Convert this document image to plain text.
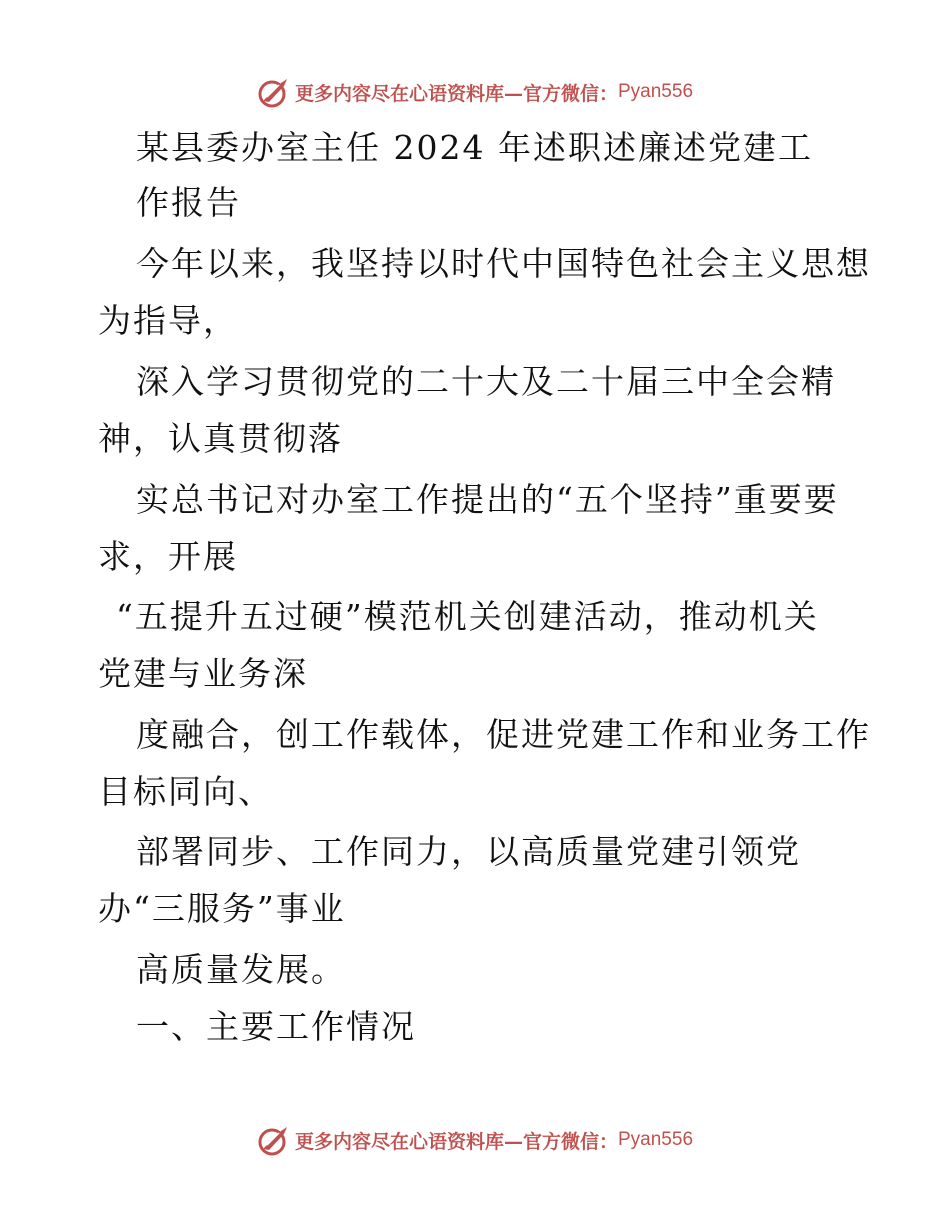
更多内容尽在心语资料库—官方微信： Pyan556
某县委办室主任 2024 年述职述廉述党建工
作报告
今年以来，我坚持以时代中国特色社会主义思想
为指导，
深入学习贯彻党的二十大及二十届三中全会精
神，认真贯彻落
实总书记对办室工作提出的“五个坚持”重要要
求，开展
“五提升五过硬”模范机关创建活动，推动机关
党建与业务深
度融合，创工作载体，促进党建工作和业务工作
目标同向、
部署同步、工作同力，以高质量党建引领党
办“三服务”事业
高质量发展。
一、主要工作情况
更多内容尽在心语资料库—官方微信： Pyan556
